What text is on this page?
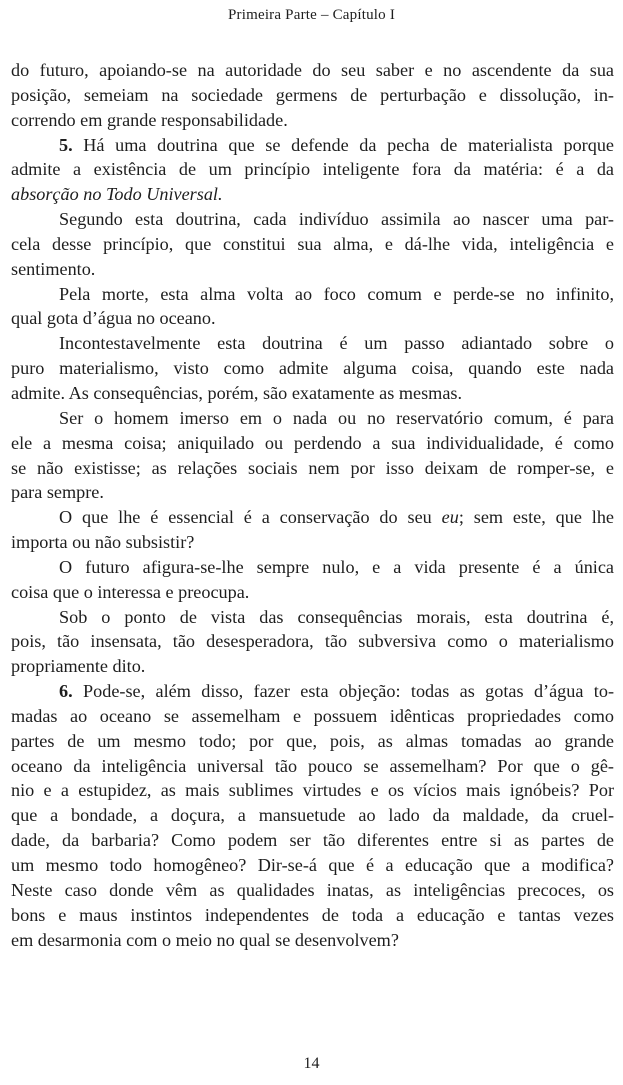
Primeira Parte – Capítulo I

do futuro, apoiando-se na autoridade do seu saber e no ascendente da sua

posição, semeiam na sociedade germens de perturbação e dissolução, in-

correndo em grande responsabilidade.

5. Há uma doutrina que se defende da pecha de materialista porque

admite a existência de um princípio inteligente fora da matéria: é a da

absorção no Todo Universal.

Segundo esta doutrina, cada indivíduo assimila ao nascer uma par-

cela desse princípio, que constitui sua alma, e dá-lhe vida, inteligência e

sentimento.

Pela morte, esta alma volta ao foco comum e perde-se no infinito,

qual gota d’água no oceano.

Incontestavelmente esta doutrina é um passo adiantado sobre o

puro materialismo, visto como admite alguma coisa, quando este nada

admite. As consequências, porém, são exatamente as mesmas.

Ser o homem imerso em o nada ou no reservatório comum, é para

ele a mesma coisa; aniquilado ou perdendo a sua individualidade, é como

se não existisse; as relações sociais nem por isso deixam de romper-se, e

para sempre.

O que lhe é essencial é a conservação do seu eu; sem este, que lhe

importa ou não subsistir?

O futuro afigura-se-lhe sempre nulo, e a vida presente é a única

coisa que o interessa e preocupa.

Sob o ponto de vista das consequências morais, esta doutrina é,

pois, tão insensata, tão desesperadora, tão subversiva como o materialismo

propriamente dito.

6. Pode-se, além disso, fazer esta objeção: todas as gotas d’água to-

madas ao oceano se assemelham e possuem idênticas propriedades como

partes de um mesmo todo; por que, pois, as almas tomadas ao grande

oceano da inteligência universal tão pouco se assemelham? Por que o gê-

nio e a estupidez, as mais sublimes virtudes e os vícios mais ignóbeis? Por

que a bondade, a doçura, a mansuetude ao lado da maldade, da cruel-

dade, da barbaria? Como podem ser tão diferentes entre si as partes de

um mesmo todo homogêneo? Dir-se-á que é a educação que a modifica?

Neste caso donde vêm as qualidades inatas, as inteligências precoces, os

bons e maus instintos independentes de toda a educação e tantas vezes

em desarmonia com o meio no qual se desenvolvem?

14
